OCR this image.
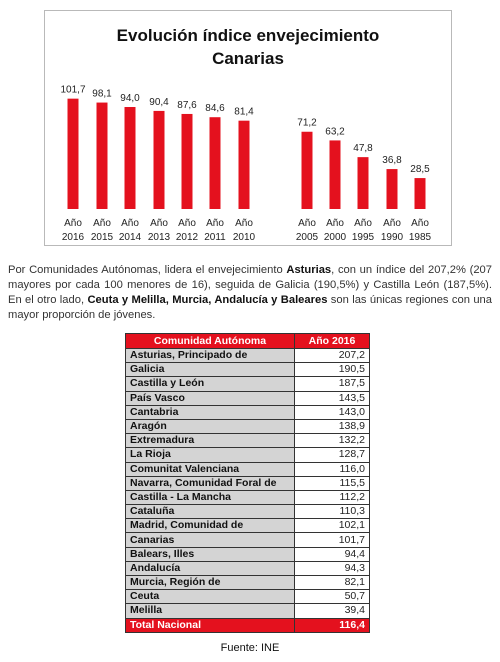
Evolución índice envejecimiento
Canarias
101,7
Año
2016
98,1
Año
2015
94,0
Año
2014
90,4
Año
2013
87,6
Año
2012
84,6
Año
2011
81,4
Año
2010
71,2
Año
2005
63,2
Año
2000
47,8
Año
1995
36,8
Año
1990
28,5
Año
1985
Por Comunidades Autónomas, lidera el envejecimiento Asturias, con un índice del 207,2% (207 mayores por cada 100 menores de 16), seguida de Galicia (190,5%) y Castilla León (187,5%). En el otro lado, Ceuta y Melilla, Murcia, Andalucía y Baleares son las únicas regiones con una mayor proporción de jóvenes.
Comunidad Autónoma	Año 2016
Asturias, Principado de	207,2
Galicia	190,5
Castilla y León	187,5
País Vasco	143,5
Cantabria	143,0
Aragón	138,9
Extremadura	132,2
La Rioja	128,7
Comunitat Valenciana	116,0
Navarra, Comunidad Foral de	115,5
Castilla - La Mancha	112,2
Cataluña	110,3
Madrid, Comunidad de	102,1
Canarias	101,7
Balears, Illes	94,4
Andalucía	94,3
Murcia, Región de	82,1
Ceuta	50,7
Melilla	39,4
Total Nacional	116,4
Fuente: INE
